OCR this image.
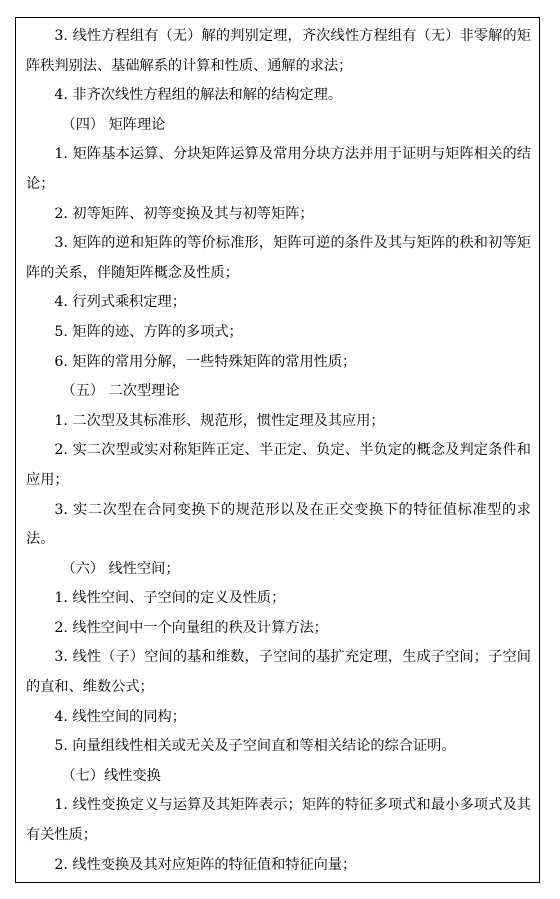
3. 线性方程组有（无）解的判别定理，齐次线性方程组有（无）非零解的矩阵秩判别法、基础解系的计算和性质、通解的求法；

4. 非齐次线性方程组的解法和解的结构定理。

（四） 矩阵理论

1. 矩阵基本运算、分块矩阵运算及常用分块方法并用于证明与矩阵相关的结论；

2. 初等矩阵、初等变换及其与初等矩阵；

3. 矩阵的逆和矩阵的等价标准形，矩阵可逆的条件及其与矩阵的秩和初等矩阵的关系，伴随矩阵概念及性质；

4. 行列式乘积定理；

5. 矩阵的迹、方阵的多项式；

6. 矩阵的常用分解，一些特殊矩阵的常用性质；

（五） 二次型理论

1. 二次型及其标准形、规范形，惯性定理及其应用；

2. 实二次型或实对称矩阵正定、半正定、负定、半负定的概念及判定条件和应用；

3. 实二次型在合同变换下的规范形以及在正交变换下的特征值标准型的求法。

（六） 线性空间；

1. 线性空间、子空间的定义及性质；

2. 线性空间中一个向量组的秩及计算方法；

3. 线性（子）空间的基和维数，子空间的基扩充定理，生成子空间；子空间的直和、维数公式；

4. 线性空间的同构；

5. 向量组线性相关或无关及子空间直和等相关结论的综合证明。

（七）线性变换

1. 线性变换定义与运算及其矩阵表示；矩阵的特征多项式和最小多项式及其有关性质；

2. 线性变换及其对应矩阵的特征值和特征向量；
